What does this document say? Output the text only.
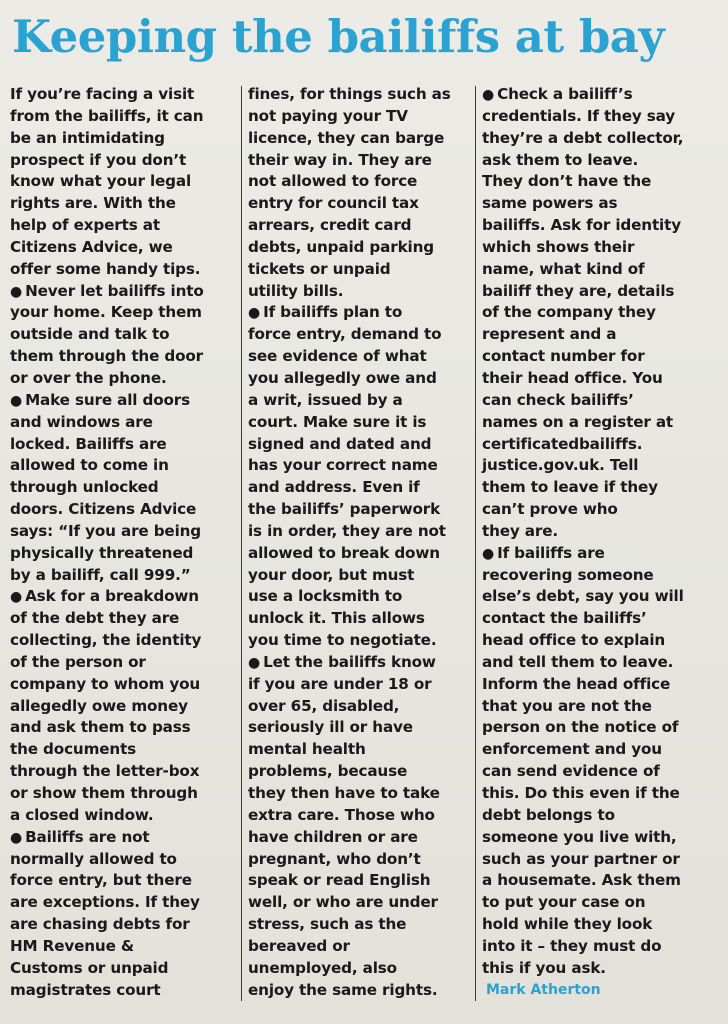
Keeping the bailiffs at bay
If you’re facing a visit
from the bailiffs, it can
be an intimidating
prospect if you don’t
know what your legal
rights are. With the
help of experts at
Citizens Advice, we
offer some handy tips.
● Never let bailiffs into
your home. Keep them
outside and talk to
them through the door
or over the phone.
● Make sure all doors
and windows are
locked. Bailiffs are
allowed to come in
through unlocked
doors. Citizens Advice
says: “If you are being
physically threatened
by a bailiff, call 999.”
● Ask for a breakdown
of the debt they are
collecting, the identity
of the person or
company to whom you
allegedly owe money
and ask them to pass
the documents
through the letter-box
or show them through
a closed window.
● Bailiffs are not
normally allowed to
force entry, but there
are exceptions. If they
are chasing debts for
HM Revenue &
Customs or unpaid
magistrates court
fines, for things such as
not paying your TV
licence, they can barge
their way in. They are
not allowed to force
entry for council tax
arrears, credit card
debts, unpaid parking
tickets or unpaid
utility bills.
● If bailiffs plan to
force entry, demand to
see evidence of what
you allegedly owe and
a writ, issued by a
court. Make sure it is
signed and dated and
has your correct name
and address. Even if
the bailiffs’ paperwork
is in order, they are not
allowed to break down
your door, but must
use a locksmith to
unlock it. This allows
you time to negotiate.
● Let the bailiffs know
if you are under 18 or
over 65, disabled,
seriously ill or have
mental health
problems, because
they then have to take
extra care. Those who
have children or are
pregnant, who don’t
speak or read English
well, or who are under
stress, such as the
bereaved or
unemployed, also
enjoy the same rights.
● Check a bailiff’s
credentials. If they say
they’re a debt collector,
ask them to leave.
They don’t have the
same powers as
bailiffs. Ask for identity
which shows their
name, what kind of
bailiff they are, details
of the company they
represent and a
contact number for
their head office. You
can check bailiffs’
names on a register at
certificatedbailiffs.
justice.gov.uk. Tell
them to leave if they
can’t prove who
they are.
● If bailiffs are
recovering someone
else’s debt, say you will
contact the bailiffs’
head office to explain
and tell them to leave.
Inform the head office
that you are not the
person on the notice of
enforcement and you
can send evidence of
this. Do this even if the
debt belongs to
someone you live with,
such as your partner or
a housemate. Ask them
to put your case on
hold while they look
into it – they must do
this if you ask.
Mark Atherton
